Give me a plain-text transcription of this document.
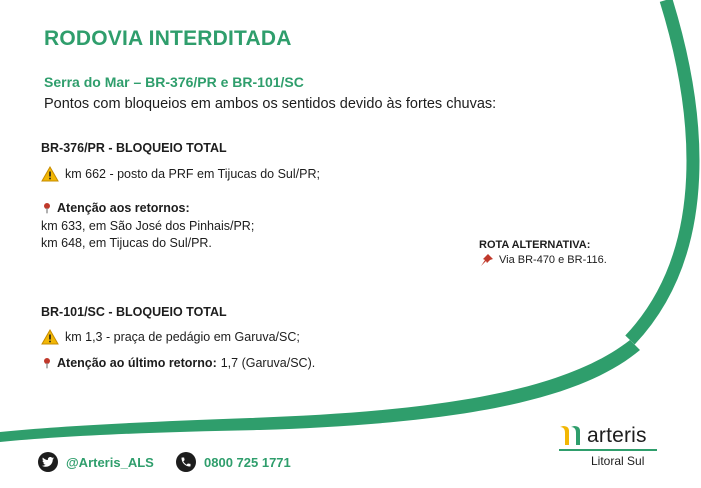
RODOVIA INTERDITADA
Serra do Mar – BR-376/PR e BR-101/SC
Pontos com bloqueios em ambos os sentidos devido às fortes chuvas:
BR-376/PR - BLOQUEIO TOTAL
km 662 - posto da PRF em Tijucas do Sul/PR;
Atenção aos retornos:
km 633, em São José dos Pinhais/PR;
km 648, em Tijucas do Sul/PR.	ROTA ALTERNATIVA:
Via BR-470 e BR-116.
BR-101/SC - BLOQUEIO TOTAL
km 1,3 - praça de pedágio em Garuva/SC;
Atenção ao último retorno: 1,7 (Garuva/SC).
@Arteris_ALS	0800 725 1771
arteris
Litoral Sul
